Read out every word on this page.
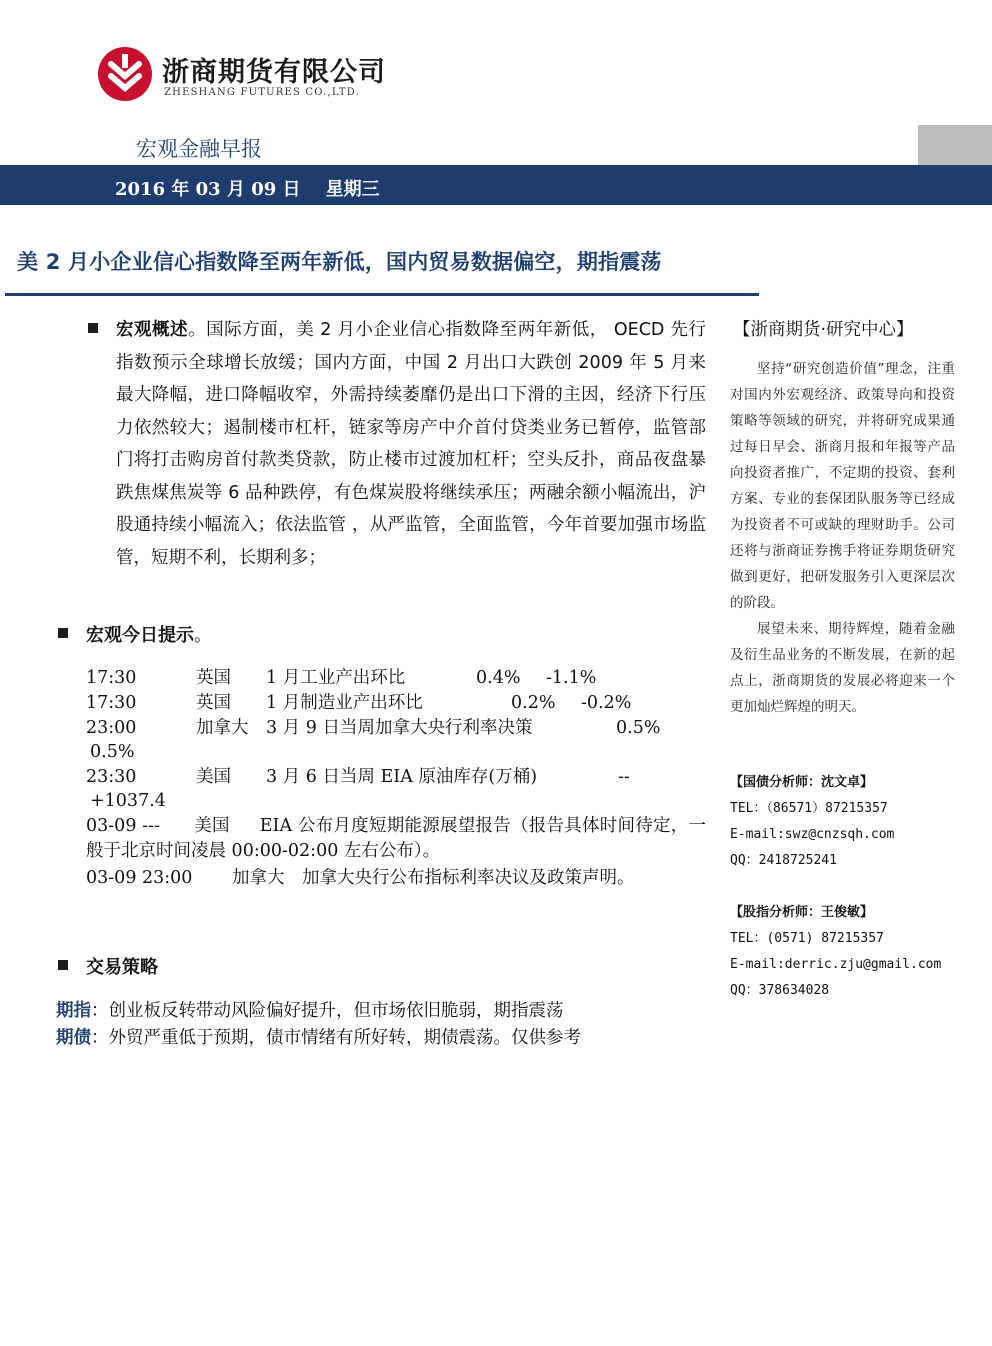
浙商期货有限公司
ZHESHANG FUTURES CO.,LTD.
宏观金融早报
2016 年 03 月 09 日    星期三
美 2 月小企业信心指数降至两年新低，国内贸易数据偏空，期指震荡
宏观概述。国际方面，美 2 月小企业信心指数降至两年新低， OECD 先行指数预示全球增长放缓；国内方面，中国 2 月出口大跌创 2009 年 5 月来最大降幅，进口降幅收窄，外需持续萎靡仍是出口下滑的主因，经济下行压力依然较大；遏制楼市杠杆，链家等房产中介首付贷类业务已暂停，监管部门将打击购房首付款类贷款，防止楼市过渡加杠杆；空头反扑，商品夜盘暴跌焦煤焦炭等 6 品种跌停，有色煤炭股将继续承压；两融余额小幅流出，沪股通持续小幅流入；依法监管 ，从严监管，全面监管，今年首要加强市场监管，短期不利，长期利多；
宏观今日提示。
17:30	英国 1 月工业产出环比	0.4% -1.1%
17:30	英国 1 月制造业产出环比	0.2% -0.2%
23:00	加拿大 3 月 9 日当周加拿大央行利率决策	0.5%
0.5%
23:30	美国 3 月 6 日当周 EIA 原油库存(万桶)	--
+1037.4
03-09 --- 美国 EIA 公布月度短期能源展望报告（报告具体时间待定，一般于北京时间凌晨 00:00-02:00 左右公布）。
03-09 23:00 加拿大 加拿大央行公布指标利率决议及政策声明。
交易策略
期指：创业板反转带动风险偏好提升，但市场依旧脆弱，期指震荡
期债：外贸严重低于预期，债市情绪有所好转，期债震荡。仅供参考
【浙商期货·研究中心】

坚持“研究创造价值”理念，注重对国内外宏观经济、政策导向和投资策略等领域的研究，并将研究成果通过每日早会、浙商月报和年报等产品向投资者推广，不定期的投资、套利方案、专业的套保团队服务等已经成为投资者不可或缺的理财助手。公司还将与浙商证券携手将证券期货研究做到更好，把研发服务引入更深层次的阶段。

展望未来、期待辉煌，随着金融及衍生品业务的不断发展，在新的起点上，浙商期货的发展必将迎来一个更加灿烂辉煌的明天。

【国债分析师：沈文卓】
TEL：（86571）87215357
E-mail:swz@cnzsqh.com
QQ：2418725241
【股指分析师：王俊敏】
TEL：(0571) 87215357
E-mail:derric.zju@gmail.com
QQ：378634028
